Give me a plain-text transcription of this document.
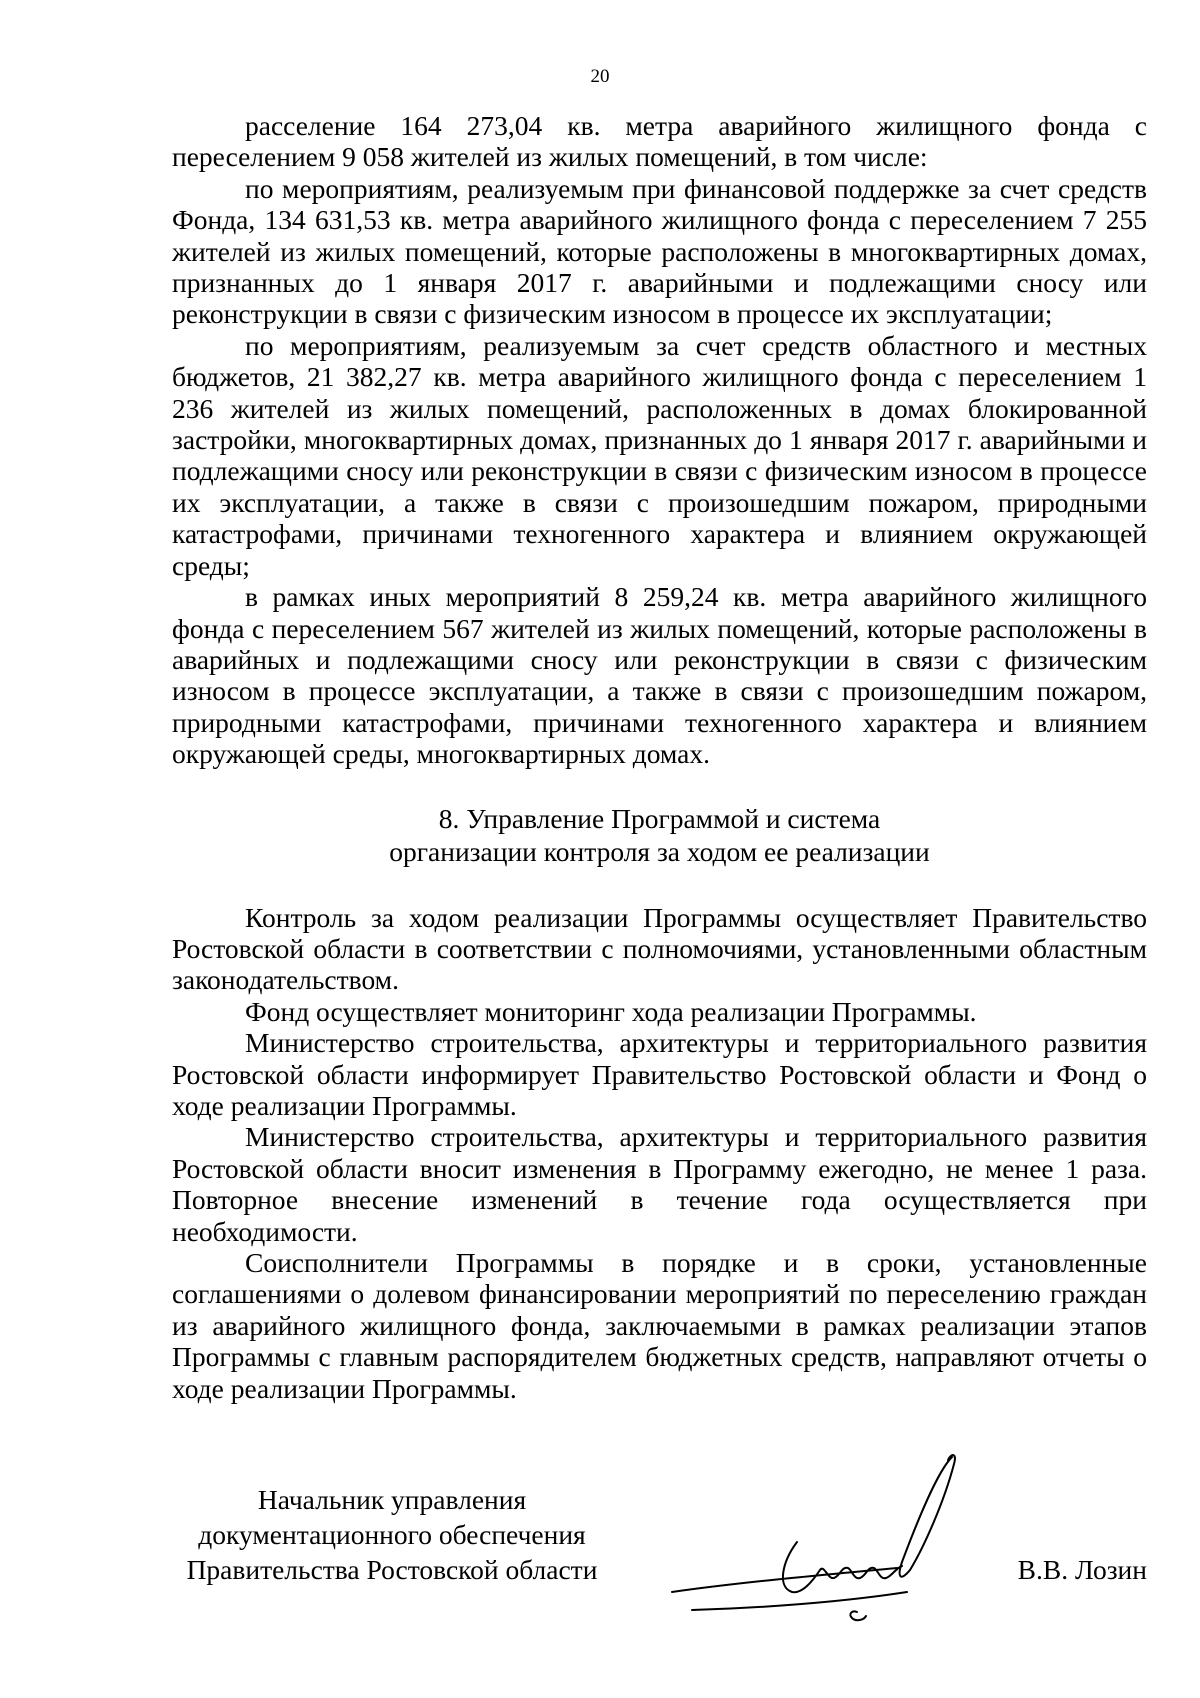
20

расселение 164 273,04 кв. метра аварийного жилищного фонда с переселением 9 058 жителей из жилых помещений, в том числе:

по мероприятиям, реализуемым при финансовой поддержке за счет средств Фонда, 134 631,53 кв. метра аварийного жилищного фонда с переселением 7 255 жителей из жилых помещений, которые расположены в многоквартирных домах, признанных до 1 января 2017 г. аварийными и подлежащими сносу или реконструкции в связи с физическим износом в процессе их эксплуатации;

по мероприятиям, реализуемым за счет средств областного и местных бюджетов, 21 382,27 кв. метра аварийного жилищного фонда с переселением 1 236 жителей из жилых помещений, расположенных в домах блокированной застройки, многоквартирных домах, признанных до 1 января 2017 г. аварийными и подлежащими сносу или реконструкции в связи с физическим износом в процессе их эксплуатации, а также в связи с произошедшим пожаром, природными катастрофами, причинами техногенного характера и влиянием окружающей среды;

в рамках иных мероприятий 8 259,24 кв. метра аварийного жилищного фонда с переселением 567 жителей из жилых помещений, которые расположены в аварийных и подлежащими сносу или реконструкции в связи с физическим износом в процессе эксплуатации, а также в связи с произошедшим пожаром, природными катастрофами, причинами техногенного характера и влиянием окружающей среды, многоквартирных домах.

8. Управление Программой и система
организации контроля за ходом ее реализации

Контроль за ходом реализации Программы осуществляет Правительство Ростовской области в соответствии с полномочиями, установленными областным законодательством.

Фонд осуществляет мониторинг хода реализации Программы.

Министерство строительства, архитектуры и территориального развития Ростовской области информирует Правительство Ростовской области и Фонд о ходе реализации Программы.

Министерство строительства, архитектуры и территориального развития Ростовской области вносит изменения в Программу ежегодно, не менее 1 раза. Повторное внесение изменений в течение года осуществляется при необходимости.

Соисполнители Программы в порядке и в сроки, установленные соглашениями о долевом финансировании мероприятий по переселению граждан из аварийного жилищного фонда, заключаемыми в рамках реализации этапов Программы с главным распорядителем бюджетных средств, направляют отчеты о ходе реализации Программы.

Начальник управления
документационного обеспечения
Правительства Ростовской области	В.В. Лозин
